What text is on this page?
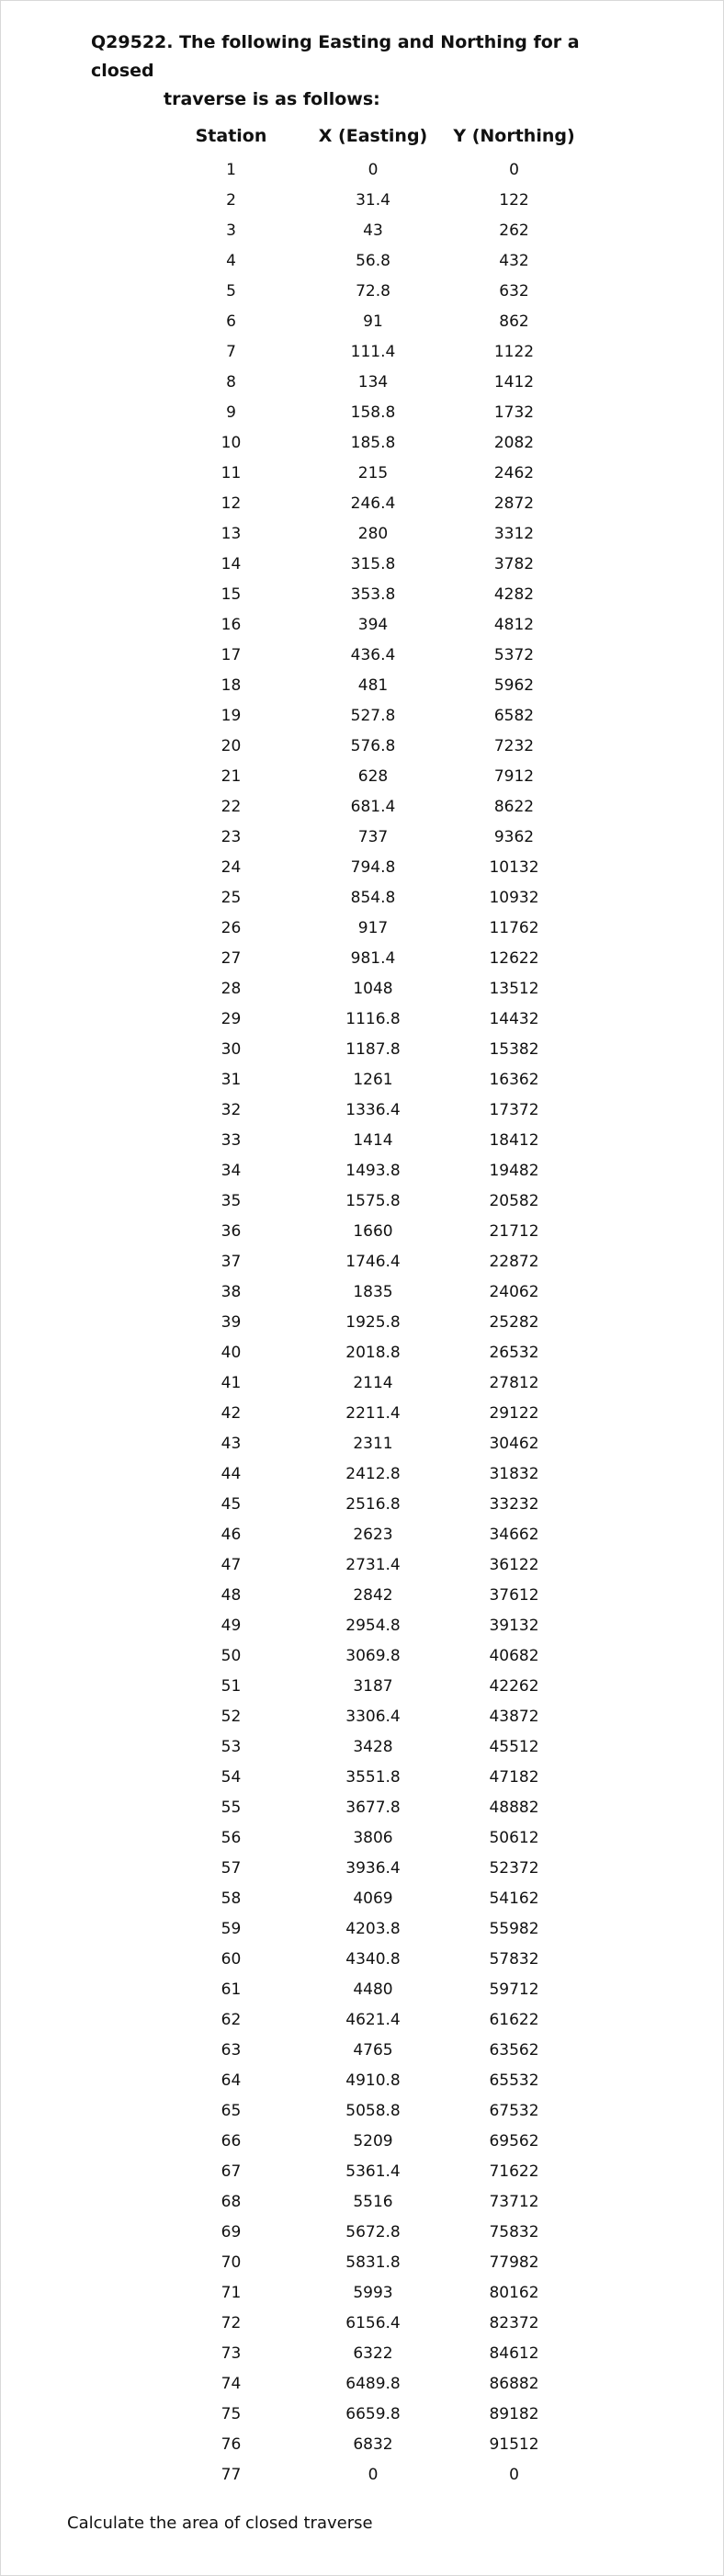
Q29522. The following Easting and Northing for a closed
traverse is as follows:
Station	X (Easting)	Y (Northing)
1	0	0
2	31.4	122
3	43	262
4	56.8	432
5	72.8	632
6	91	862
7	111.4	1122
8	134	1412
9	158.8	1732
10	185.8	2082
11	215	2462
12	246.4	2872
13	280	3312
14	315.8	3782
15	353.8	4282
16	394	4812
17	436.4	5372
18	481	5962
19	527.8	6582
20	576.8	7232
21	628	7912
22	681.4	8622
23	737	9362
24	794.8	10132
25	854.8	10932
26	917	11762
27	981.4	12622
28	1048	13512
29	1116.8	14432
30	1187.8	15382
31	1261	16362
32	1336.4	17372
33	1414	18412
34	1493.8	19482
35	1575.8	20582
36	1660	21712
37	1746.4	22872
38	1835	24062
39	1925.8	25282
40	2018.8	26532
41	2114	27812
42	2211.4	29122
43	2311	30462
44	2412.8	31832
45	2516.8	33232
46	2623	34662
47	2731.4	36122
48	2842	37612
49	2954.8	39132
50	3069.8	40682
51	3187	42262
52	3306.4	43872
53	3428	45512
54	3551.8	47182
55	3677.8	48882
56	3806	50612
57	3936.4	52372
58	4069	54162
59	4203.8	55982
60	4340.8	57832
61	4480	59712
62	4621.4	61622
63	4765	63562
64	4910.8	65532
65	5058.8	67532
66	5209	69562
67	5361.4	71622
68	5516	73712
69	5672.8	75832
70	5831.8	77982
71	5993	80162
72	6156.4	82372
73	6322	84612
74	6489.8	86882
75	6659.8	89182
76	6832	91512
77	0	0
Calculate the area of closed traverse
